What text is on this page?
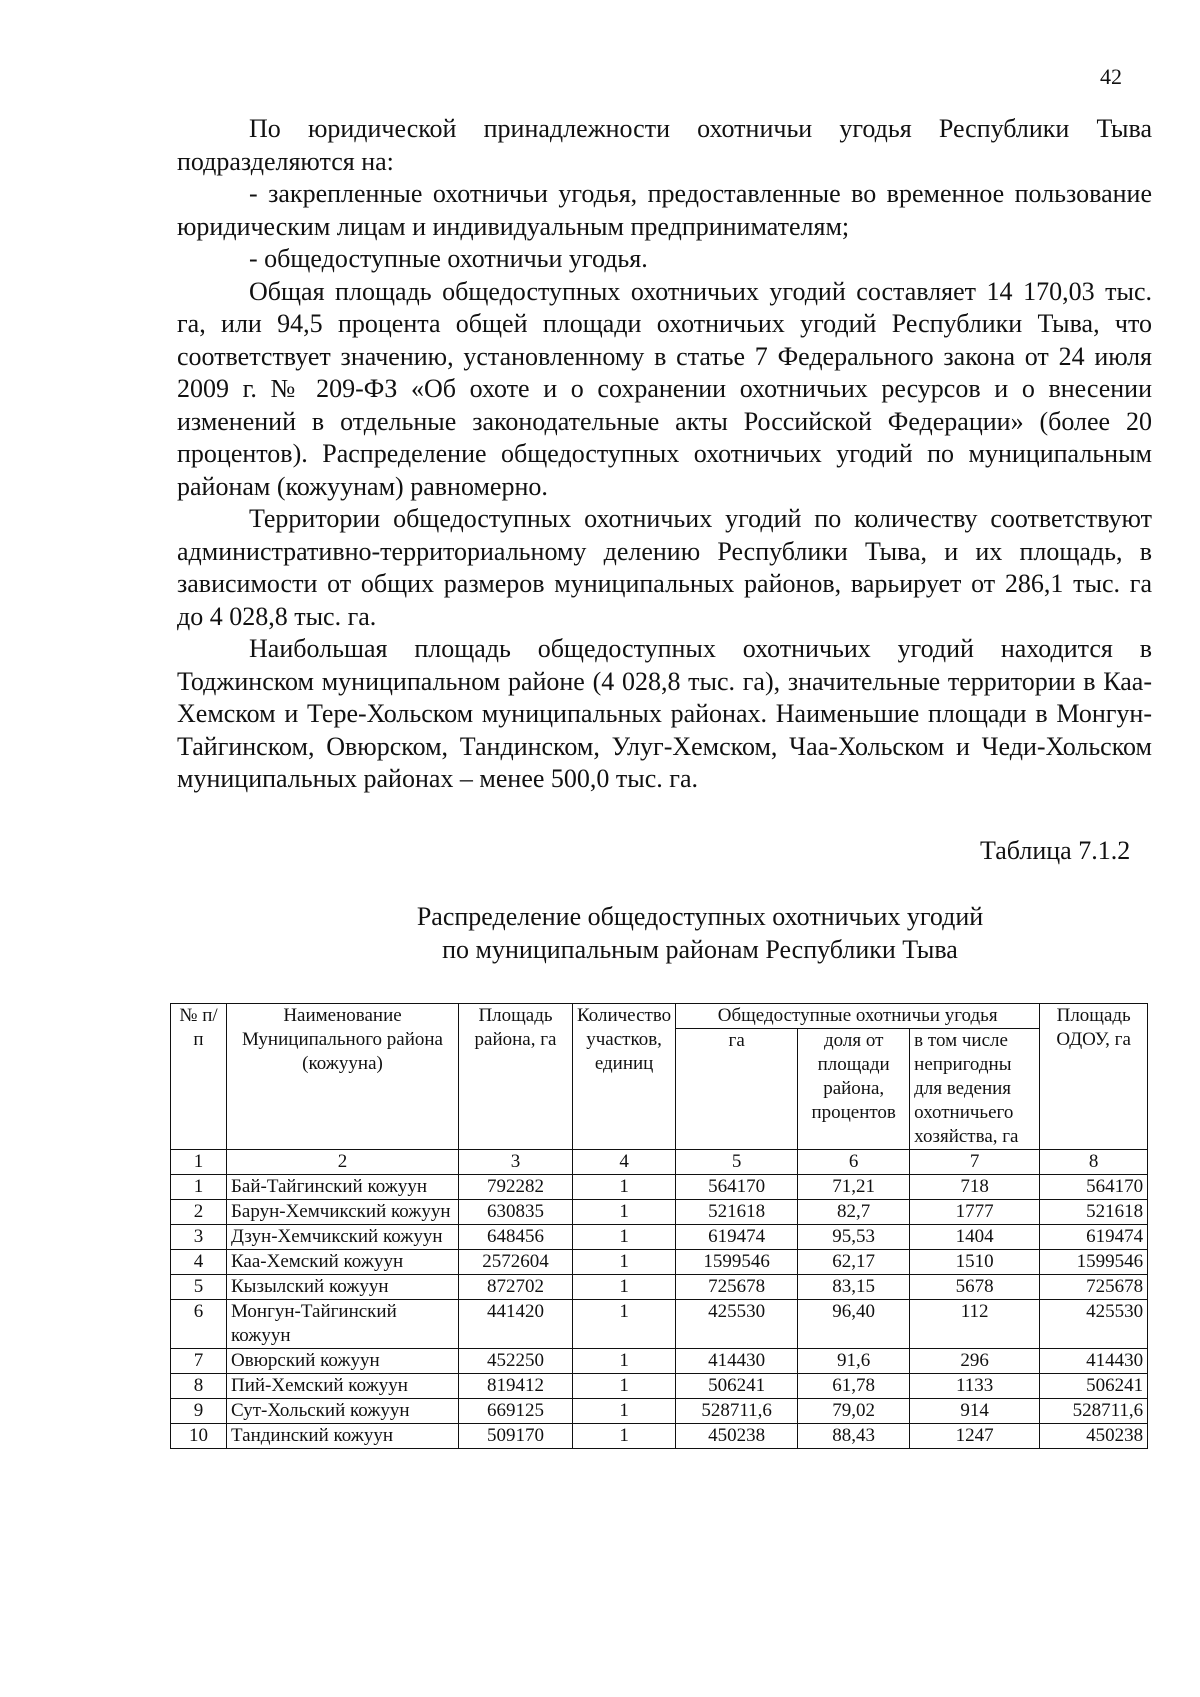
42

По юридической принадлежности охотничьи угодья Республики Тыва подразделяются на:

- закрепленные охотничьи угодья, предоставленные во временное пользование юридическим лицам и индивидуальным предпринимателям;

- общедоступные охотничьи угодья.

Общая площадь общедоступных охотничьих угодий составляет 14 170,03 тыс. га, или 94,5 процента общей площади охотничьих угодий Республики Тыва, что соответствует значению, установленному в статье 7 Федерального закона от 24 июля 2009 г. № 209-ФЗ «Об охоте и о сохранении охотничьих ресурсов и о внесении изменений в отдельные законодательные акты Российской Федерации» (более 20 процентов). Распределение общедоступных охотничьих угодий по муниципальным районам (кожуунам) равномерно.

Территории общедоступных охотничьих угодий по количеству соответствуют административно-территориальному делению Республики Тыва, и их площадь, в зависимости от общих размеров муниципальных районов, варьирует от 286,1 тыс. га до 4 028,8 тыс. га.

Наибольшая площадь общедоступных охотничьих угодий находится в Тоджинском муниципальном районе (4 028,8 тыс. га), значительные территории в Каа-Хемском и Тере-Хольском муниципальных районах. Наименьшие площади в Монгун-Тайгинском, Овюрском, Тандинском, Улуг-Хемском, Чаа-Хольском и Чеди-Хольском муниципальных районах – менее 500,0 тыс. га.

Таблица 7.1.2
Распределение общедоступных охотничьих угодий
по муниципальным районам Республики Тыва
№ п/п	Наименование Муниципального района (кожууна)	Площадь района, га	Количество участков, единиц	Общедоступные охотничьи угодья			Площадь ОДОУ, га
				га	доля от площади района, процентов	в том числе непригодны для ведения охотничьего хозяйства, га	
1	2	3	4	5	6	7	8
1	Бай-Тайгинский кожуун	792282	1	564170	71,21	718	564170
2	Барун-Хемчикский кожуун	630835	1	521618	82,7	1777	521618
3	Дзун-Хемчикский кожуун	648456	1	619474	95,53	1404	619474
4	Каа-Хемский кожуун	2572604	1	1599546	62,17	1510	1599546
5	Кызылский кожуун	872702	1	725678	83,15	5678	725678
6	Монгун-Тайгинский кожуун	441420	1	425530	96,40	112	425530
7	Овюрский кожуун	452250	1	414430	91,6	296	414430
8	Пий-Хемский кожуун	819412	1	506241	61,78	1133	506241
9	Сут-Хольский кожуун	669125	1	528711,6	79,02	914	528711,6
10	Тандинский кожуун	509170	1	450238	88,43	1247	450238
